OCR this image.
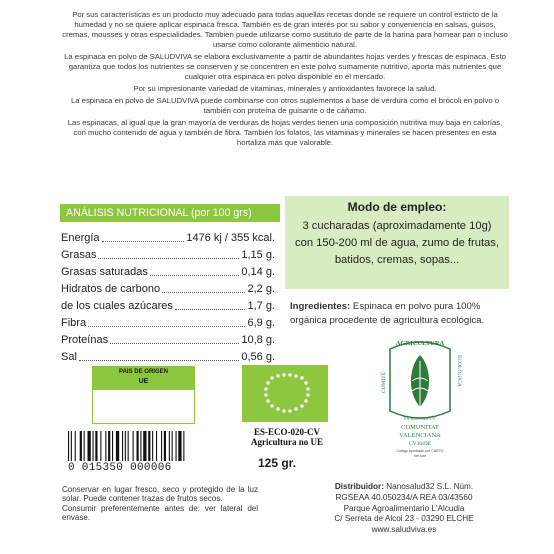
Por sus características es un producto muy adecuado para todas aquellas recetas donde se requiere un control estricto de la humedad y no se quiere aplicar espinaca fresca. También es de gran interés por su sabor y conveniencia en salsas, guisos, cremas, mousses y otras especialidades. Tambien puede utilizarse como sustituto de parte de la harina para hornear pan o incluso usarse como colorante alimenticio natural.

La espinaca en polvo de SALUDVIVA se elabora exclusivamente a partir de abundantes hojas verdes y frescas de espinaca. Esto garantiza que todos los nutrientes se conserven y se concentren en este polvo sumamente nutritivo, aporta más nutrientes que cualquier otra espinaca en polvo disponible en el mercado.

Por su impresionante variedad de vitaminas, minerales y antioxidantes favorece la salud.

La espinaca en polvo de SALUDVIVA puede combinarse con otros suplementos a base de verdura como el brócoli en polvo o también con proteína de guisante o de cáñamo.

Las espinacas, al igual que la gran mayoría de verduras de hojas verdes tienen una composición nutritiva muy baja en calorías, con mucho contenido de agua y también de fibra. También los folatos, las vitaminas y minerales se hacen presentes en esta hortaliza más que valorable.

ANÁLISIS NUTRICIONAL (por 100 grs)
Energía	1476 kj / 355 kcal.
Grasas	1,15 g.
Grasas saturadas	0,14 g.
Hidratos de carbono	2,2 g.
de los cuales azúcares	1,7 g.
Fibra	6,9 g.
Proteínas	10,8 g.
Sal	0,56 g.
Modo de empleo:

3 cucharadas (aproximadamente 10g) con 150-200 ml de agua, zumo de frutas, batidos, cremas, sopas...

Ingredientes: Espinaca en polvo pura 100% orgánica procedente de agricultura ecológica.

PAIS DE ORIGEN
UE
ES-ECO-020-CV
Agricultura no UE
AGRICULTURA
COMITÉ	ECOLÓGICA
ES-ECO-020-CV
COMUNITAT
VALENCIANA
CV3649E
Código aprobado por CAECV
Ver lote
0 015350 000006	125 gr.

Conservar en lugar fresco, seco y protegido de la luz solar. Puede contener trazas de frutos secos.
Consumir preferentemente antes de: ver lateral del envase.

Distribuidor: Nanosalud32 S.L. Núm.
RGSEAA 40.050234/A REA 03/43560
Parque Agroalimentario L'Alcudia
C/ Serreta de Alcoi 23 - 03290 ELCHE
www.saludviva.es
